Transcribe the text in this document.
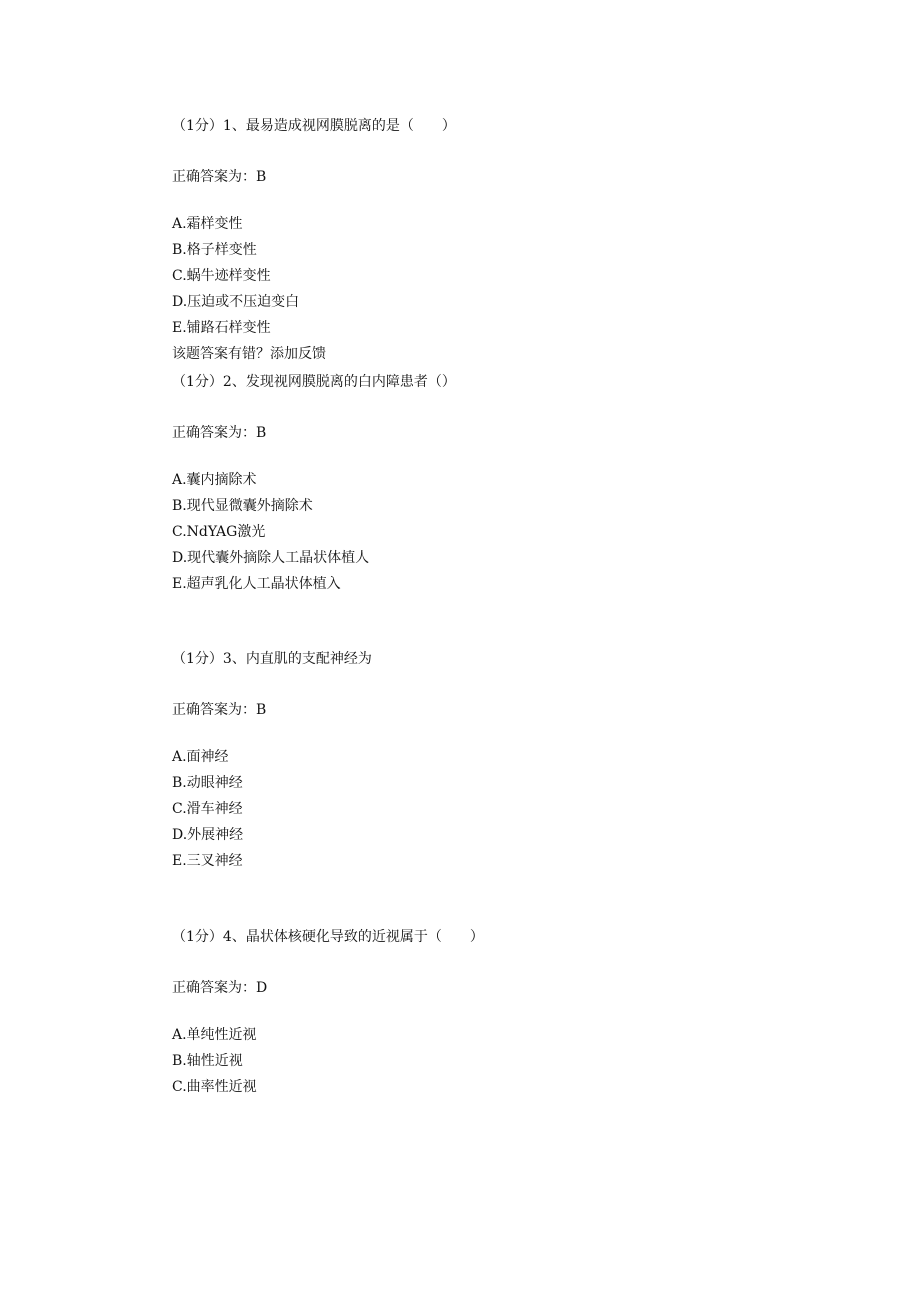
（1分）1、最易造成视网膜脱离的是（　　）
正确答案为：B
A.霜样变性
B.格子样变性
C.蜗牛迹样变性
D.压迫或不压迫变白
E.铺路石样变性
该题答案有错？添加反馈
（1分）2、发现视网膜脱离的白内障患者（）
正确答案为：B
A.囊内摘除术
B.现代显微囊外摘除术
C.NdYAG激光
D.现代囊外摘除人工晶状体植人
E.超声乳化人工晶状体植入
（1分）3、内直肌的支配神经为
正确答案为：B
A.面神经
B.动眼神经
C.滑车神经
D.外展神经
E.三叉神经
（1分）4、晶状体核硬化导致的近视属于（　　）
正确答案为：D
A.单纯性近视
B.轴性近视
C.曲率性近视
